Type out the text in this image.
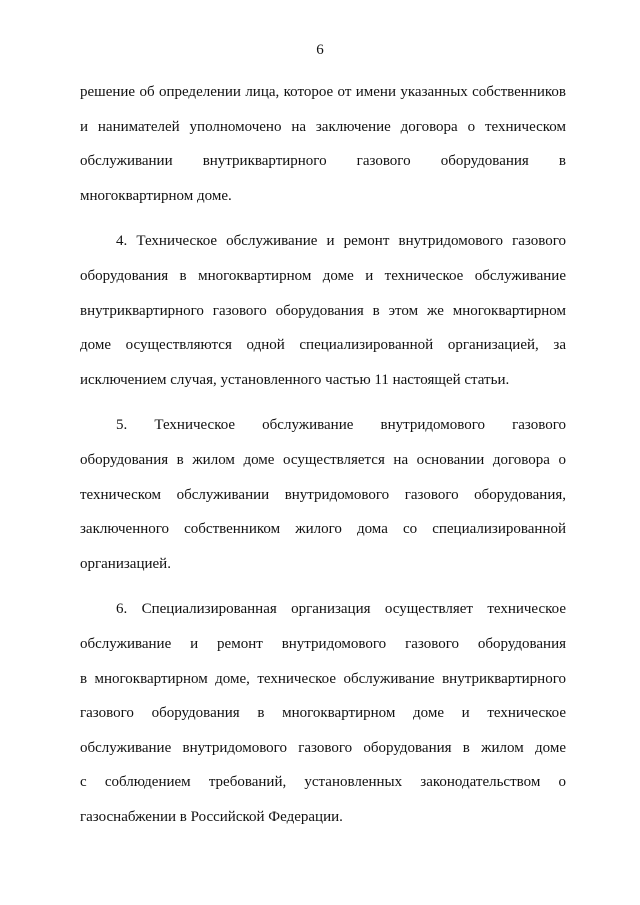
6
решение об определении лица, которое от имени указанных собственников
и нанимателей уполномочено на заключение договора о техническом
обслуживании внутриквартирного газового оборудования в
многоквартирном доме.
4. Техническое обслуживание и ремонт внутридомового газового
оборудования в многоквартирном доме и техническое обслуживание
внутриквартирного газового оборудования в этом же многоквартирном
доме осуществляются одной специализированной организацией, за
исключением случая, установленного частью 11 настоящей статьи.
5. Техническое обслуживание внутридомового газового
оборудования в жилом доме осуществляется на основании договора о
техническом обслуживании внутридомового газового оборудования,
заключенного собственником жилого дома со специализированной
организацией.
6. Специализированная организация осуществляет техническое
обслуживание и ремонт внутридомового газового оборудования
в многоквартирном доме, техническое обслуживание внутриквартирного
газового оборудования в многоквартирном доме и техническое
обслуживание внутридомового газового оборудования в жилом доме
с соблюдением требований, установленных законодательством о
газоснабжении в Российской Федерации.
